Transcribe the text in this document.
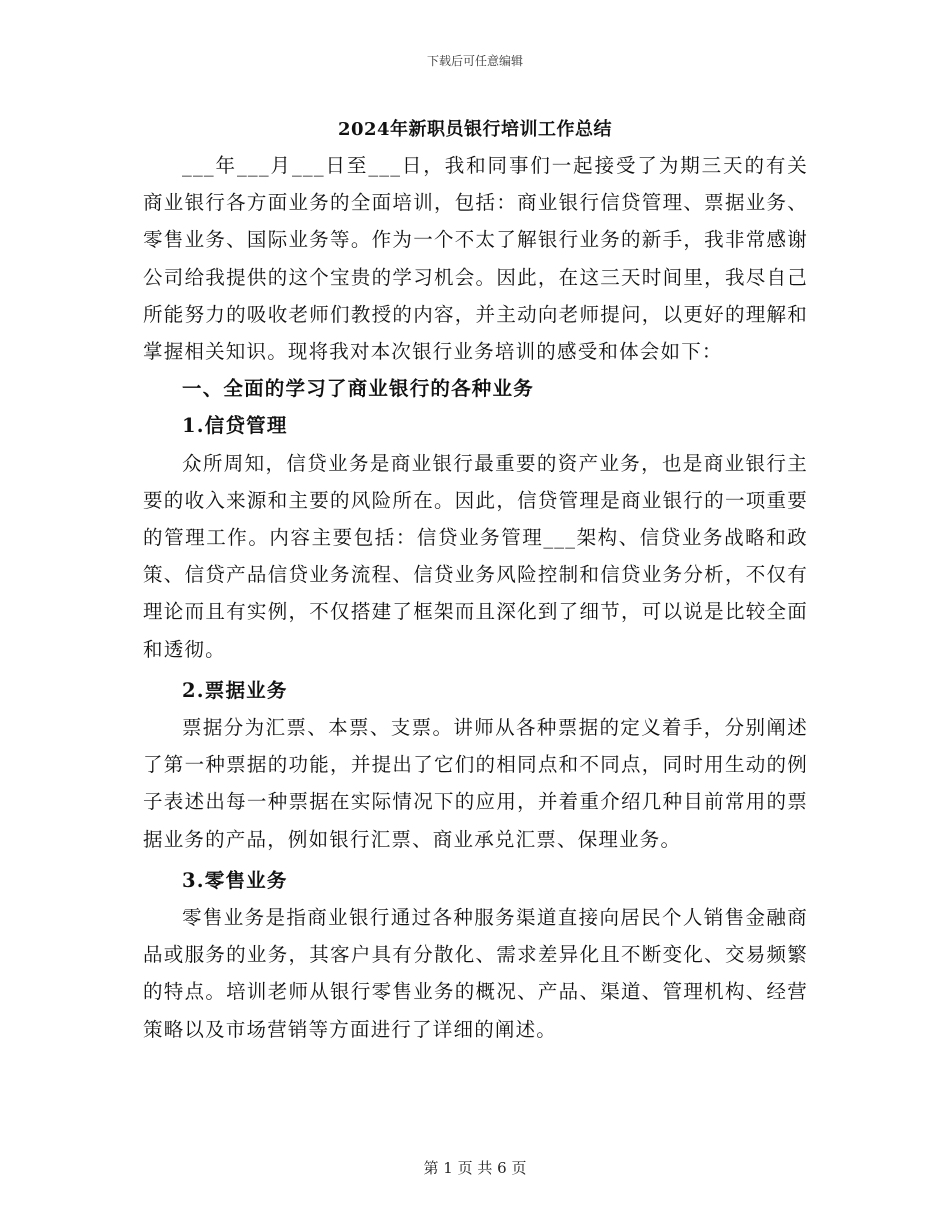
下载后可任意编辑
2024年新职员银行培训工作总结

___年___月___日至___日，我和同事们一起接受了为期三天的有关商业银行各方面业务的全面培训，包括：商业银行信贷管理、票据业务、零售业务、国际业务等。作为一个不太了解银行业务的新手，我非常感谢公司给我提供的这个宝贵的学习机会。因此，在这三天时间里，我尽自己所能努力的吸收老师们教授的内容，并主动向老师提问，以更好的理解和掌握相关知识。现将我对本次银行业务培训的感受和体会如下：

一、全面的学习了商业银行的各种业务

1.信贷管理

众所周知，信贷业务是商业银行最重要的资产业务，也是商业银行主要的收入来源和主要的风险所在。因此，信贷管理是商业银行的一项重要的管理工作。内容主要包括：信贷业务管理___架构、信贷业务战略和政策、信贷产品信贷业务流程、信贷业务风险控制和信贷业务分析，不仅有理论而且有实例，不仅搭建了框架而且深化到了细节，可以说是比较全面和透彻。

2.票据业务

票据分为汇票、本票、支票。讲师从各种票据的定义着手，分别阐述了第一种票据的功能，并提出了它们的相同点和不同点，同时用生动的例子表述出每一种票据在实际情况下的应用，并着重介绍几种目前常用的票据业务的产品，例如银行汇票、商业承兑汇票、保理业务。

3.零售业务

零售业务是指商业银行通过各种服务渠道直接向居民个人销售金融商品或服务的业务，其客户具有分散化、需求差异化且不断变化、交易频繁的特点。培训老师从银行零售业务的概况、产品、渠道、管理机构、经营策略以及市场营销等方面进行了详细的阐述。

第 1 页 共 6 页
